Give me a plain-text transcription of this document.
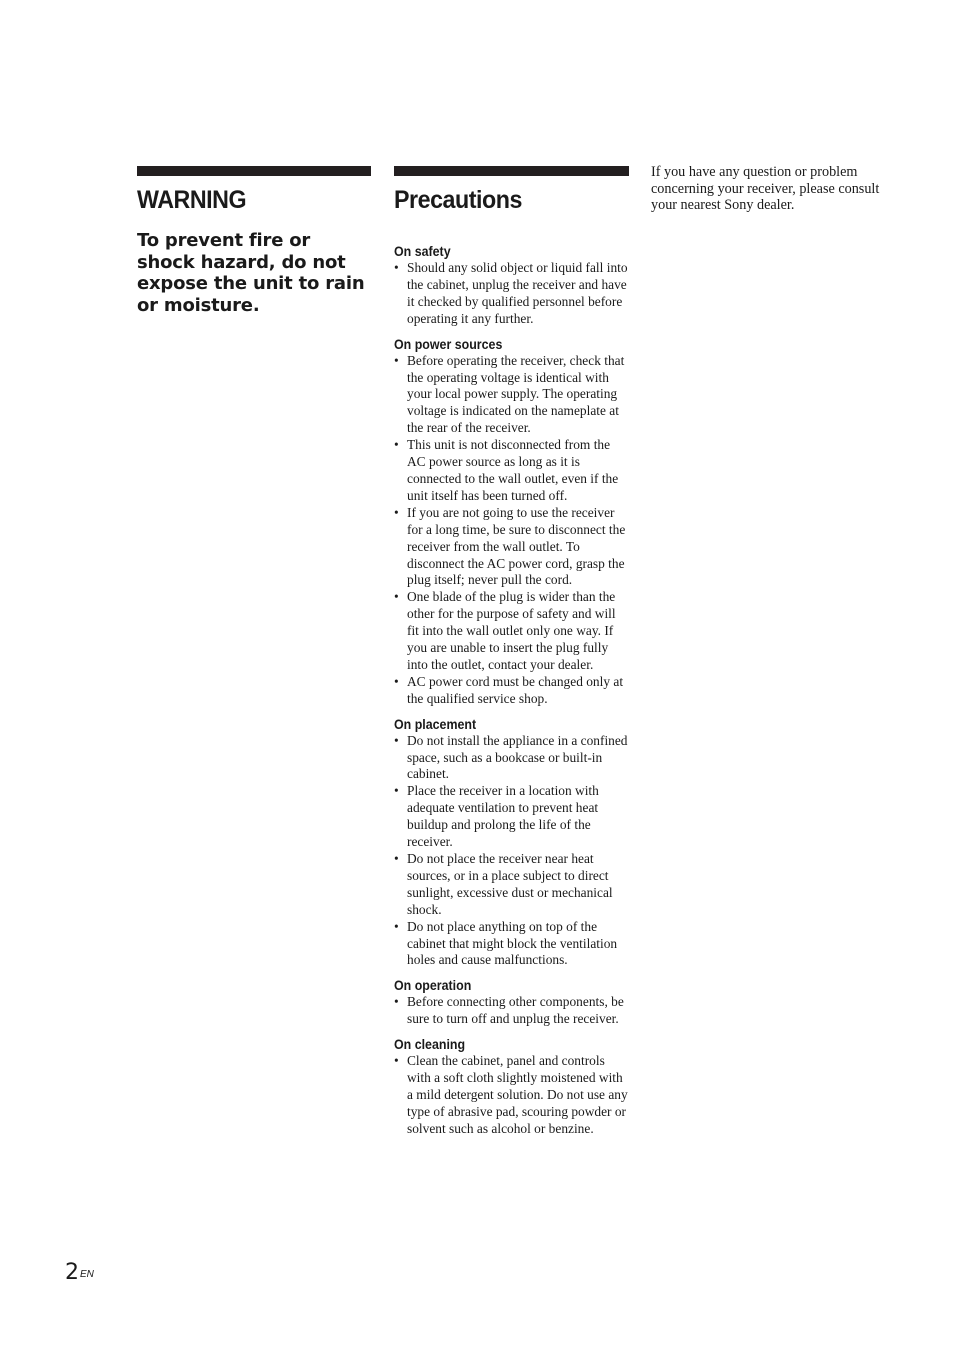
WARNING
To prevent fire or shock hazard, do not expose the unit to rain or moisture.
Precautions
On safety
• Should any solid object or liquid fall into the cabinet, unplug the receiver and have it checked by qualified personnel before operating it any further.
On power sources
• Before operating the receiver, check that the operating voltage is identical with your local power supply. The operating voltage is indicated on the nameplate at the rear of the receiver.
• This unit is not disconnected from the AC power source as long as it is connected to the wall outlet, even if the unit itself has been turned off.
• If you are not going to use the receiver for a long time, be sure to disconnect the receiver from the wall outlet. To disconnect the AC power cord, grasp the plug itself; never pull the cord.
• One blade of the plug is wider than the other for the purpose of safety and will fit into the wall outlet only one way. If you are unable to insert the plug fully into the outlet, contact your dealer.
• AC power cord must be changed only at the qualified service shop.
On placement
• Do not install the appliance in a confined space, such as a bookcase or built-in cabinet.
• Place the receiver in a location with adequate ventilation to prevent heat buildup and prolong the life of the receiver.
• Do not place the receiver near heat sources, or in a place subject to direct sunlight, excessive dust or mechanical shock.
• Do not place anything on top of the cabinet that might block the ventilation holes and cause malfunctions.
On operation
• Before connecting other components, be sure to turn off and unplug the receiver.
On cleaning
• Clean the cabinet, panel and controls with a soft cloth slightly moistened with a mild detergent solution. Do not use any type of abrasive pad, scouring powder or solvent such as alcohol or benzine.

If you have any question or problem concerning your receiver, please consult your nearest Sony dealer.

$2^{EN}$
